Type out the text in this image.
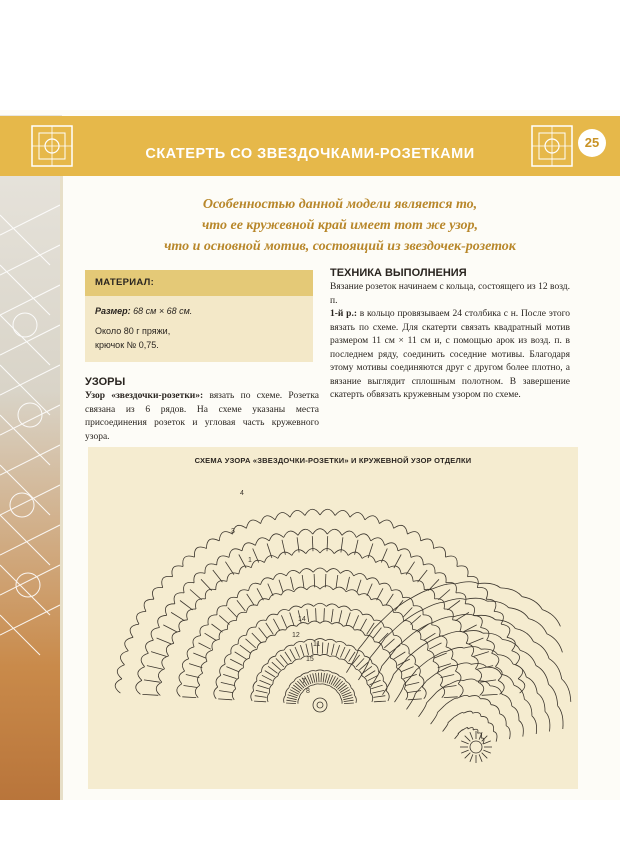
25
СКАТЕРТЬ СО ЗВЕЗДОЧКАМИ-РОЗЕТКАМИ
Особенностью данной модели является то,
что ее кружевной край имеет тот же узор,
что и основной мотив, состоящий из звездочек-розеток
МАТЕРИАЛ:
Размер: 68 см × 68 см.
Около 80 г пряжи,
крючок № 0,75.
УЗОРЫ
Узор «звездочки-розетки»: вязать по схеме. Розетка связана из 6 рядов. На схеме указаны места присоединения розеток и угловая часть кружевного узора.
ТЕХНИКА ВЫПОЛНЕНИЯ

Вязание розеток начинаем с кольца, состоящего из 12 возд. п.

1-й р.: в кольцо провязываем 24 столбика с н. После этого вязать по схеме. Для скатерти связать квадратный мотив размером 11 см × 11 см и, с помощью арок из возд. п. в последнем ряду, соединить соседние мотивы. Благодаря этому мотивы соединяются друг с другом более плотно, а вязание выглядит сплошным полотном. В завершение скатерть обвязать кружевным узором по схеме.

СХЕМА УЗОРА «ЗВЕЗДОЧКИ-РОЗЕТКИ» И КРУЖЕВНОЙ УЗОР ОТДЕЛКИ
4
3
1
12
14
11
15
7
8
